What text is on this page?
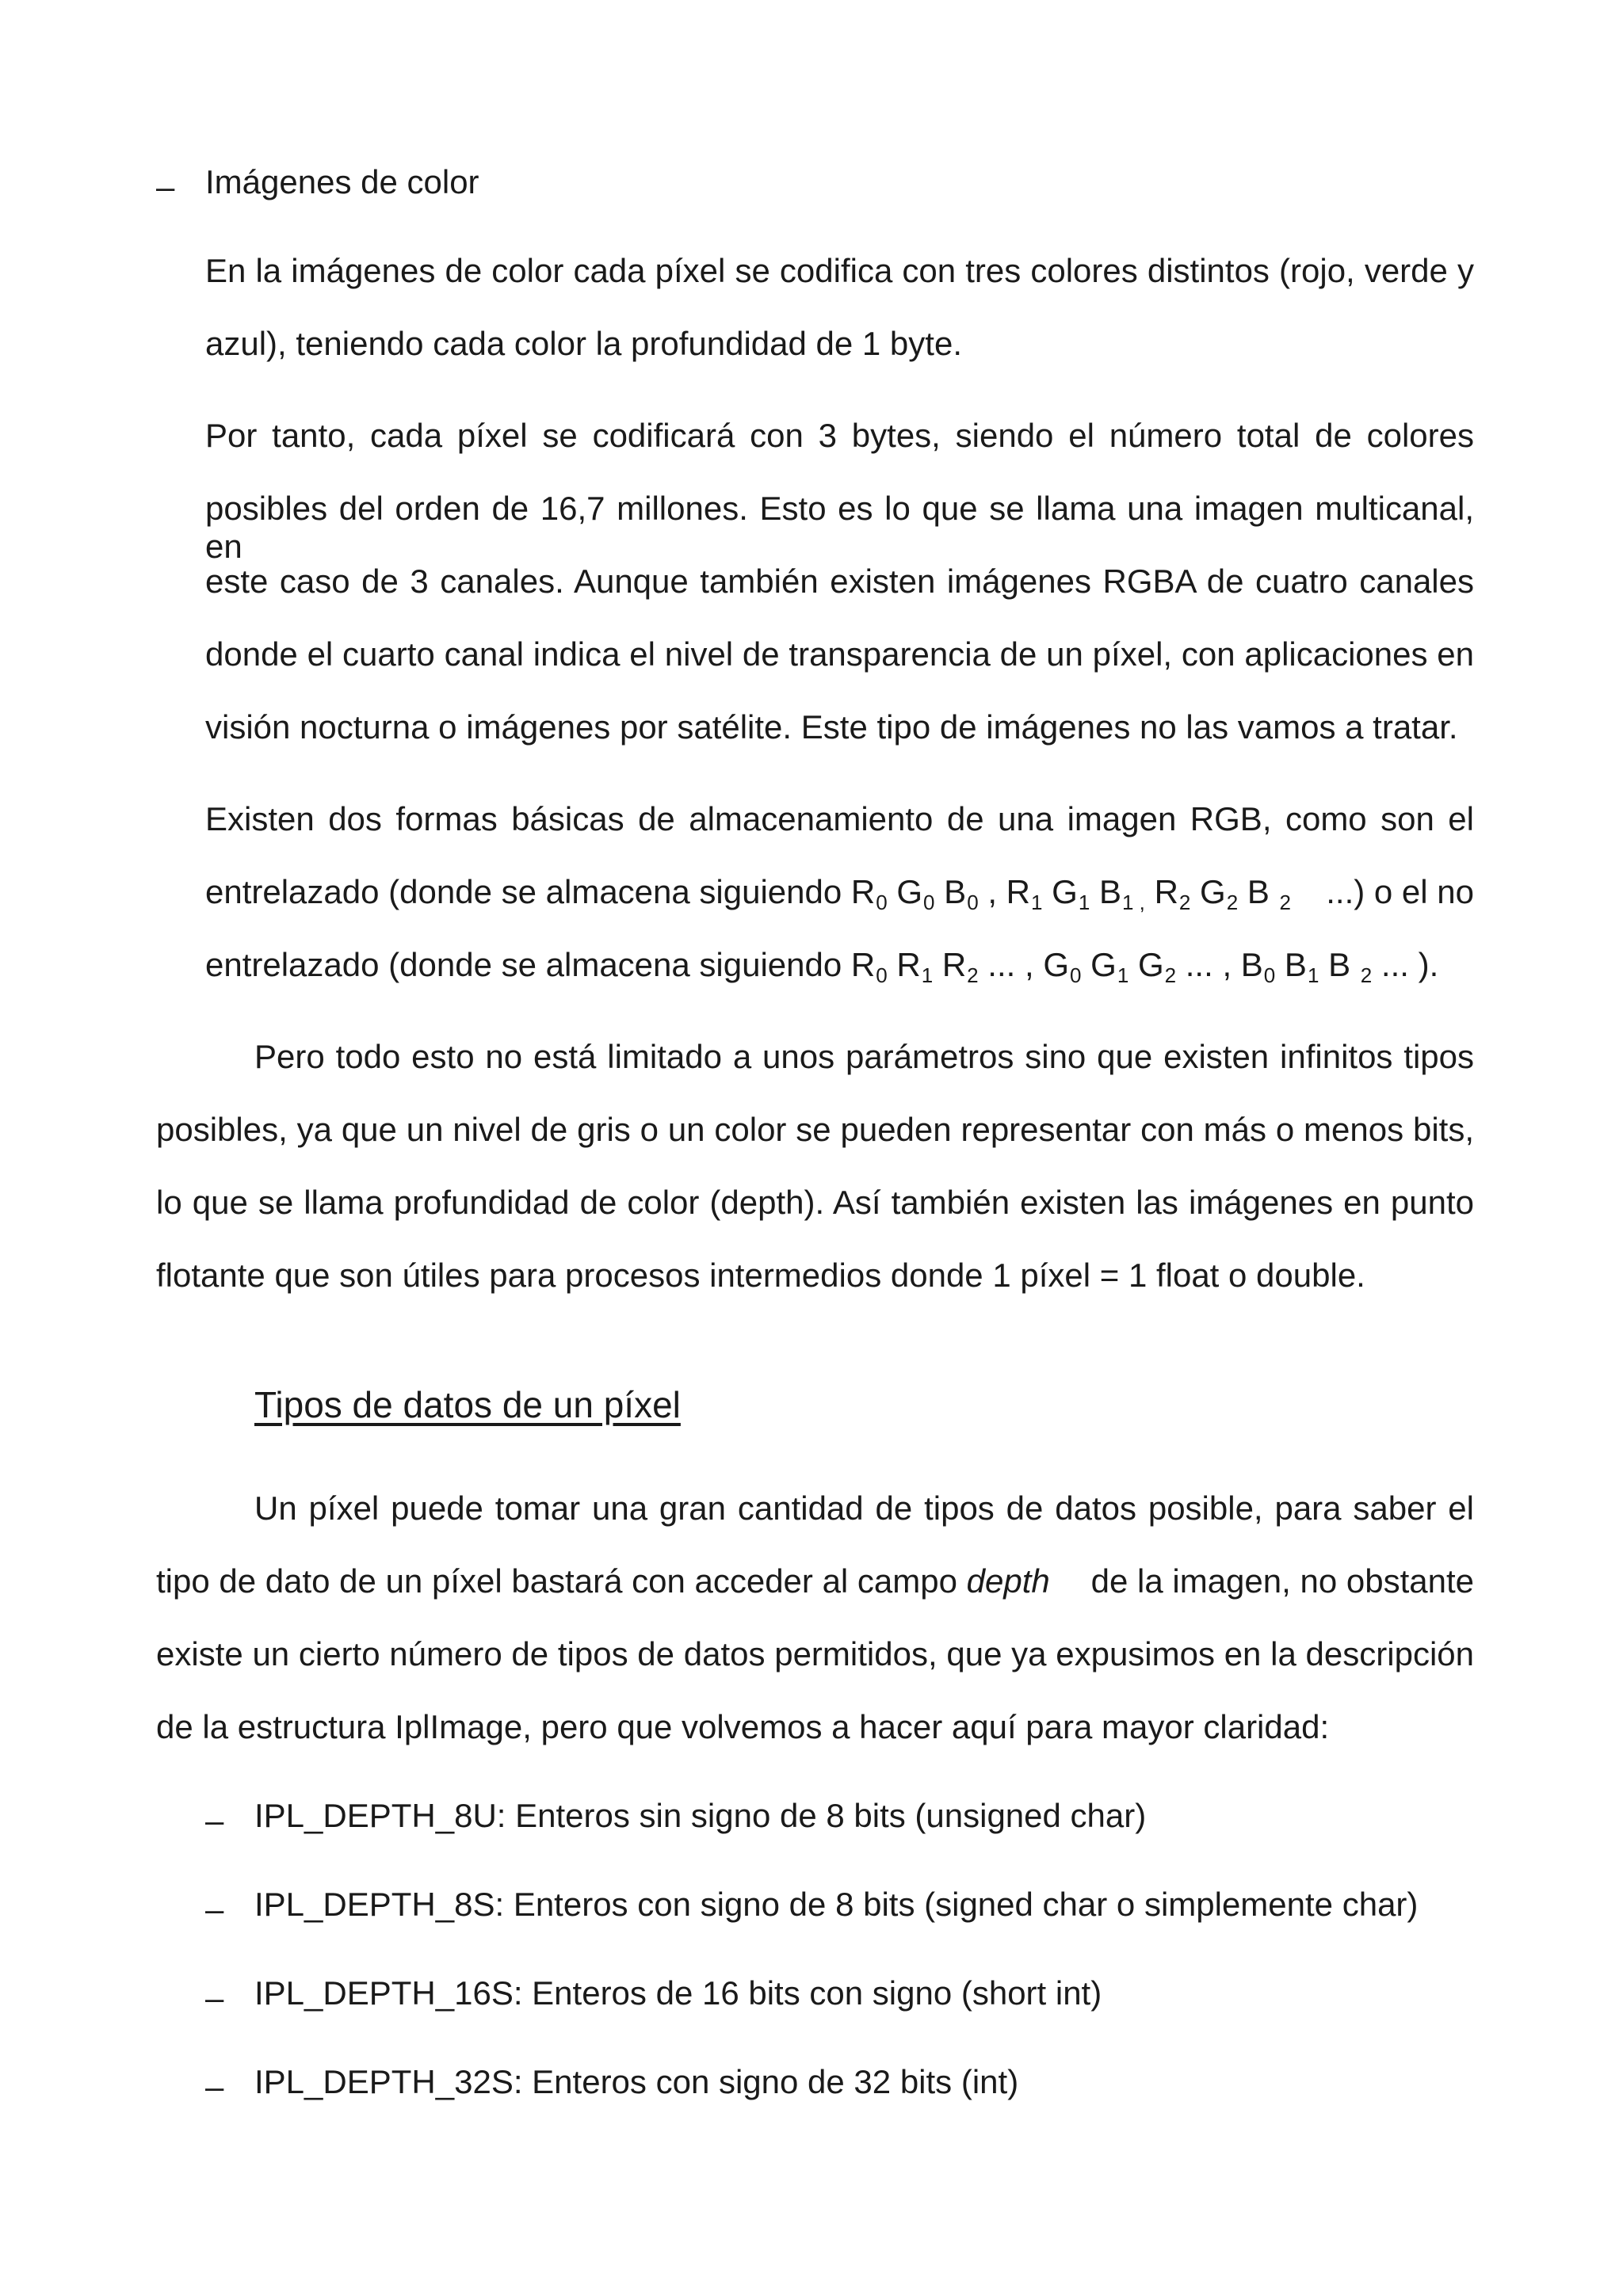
– Imágenes de color
En la imágenes de color cada píxel se codifica con tres colores distintos (rojo, verde y
azul), teniendo cada color la profundidad de 1 byte.
Por tanto, cada píxel se codificará con 3 bytes, siendo el número total de colores
posibles del orden de 16,7 millones. Esto es lo que se llama una imagen multicanal, en
este caso de 3 canales. Aunque también existen imágenes RGBA de cuatro canales
donde el cuarto canal indica el nivel de transparencia de un píxel, con aplicaciones en
visión nocturna o imágenes por satélite. Este tipo de imágenes no las vamos a tratar.
Existen dos formas básicas de almacenamiento de una imagen RGB, como son el
entrelazado (donde se almacena siguiendo R0 G0 B0 , R1 G1 B1 , R2 G2 B 2 ...) o el no
entrelazado (donde se almacena siguiendo R0 R1 R2 ... , G0 G1 G2 ... , B0 B1 B 2 ... ).
Pero todo esto no está limitado a unos parámetros sino que existen infinitos tipos
posibles, ya que un nivel de gris o un color se pueden representar con más o menos bits,
lo que se llama profundidad de color (depth). Así también existen las imágenes en punto
flotante que son útiles para procesos intermedios donde 1 píxel = 1 float o double.
Tipos de datos de un píxel
Un píxel puede tomar una gran cantidad de tipos de datos posible, para saber el
tipo de dato de un píxel bastará con acceder al campo depth de la imagen, no obstante
existe un cierto número de tipos de datos permitidos, que ya expusimos en la descripción
de la estructura IplImage, pero que volvemos a hacer aquí para mayor claridad:
– IPL_DEPTH_8U: Enteros sin signo de 8 bits (unsigned char)
– IPL_DEPTH_8S: Enteros con signo de 8 bits (signed char o simplemente char)
– IPL_DEPTH_16S: Enteros de 16 bits con signo (short int)
– IPL_DEPTH_32S: Enteros con signo de 32 bits (int)
